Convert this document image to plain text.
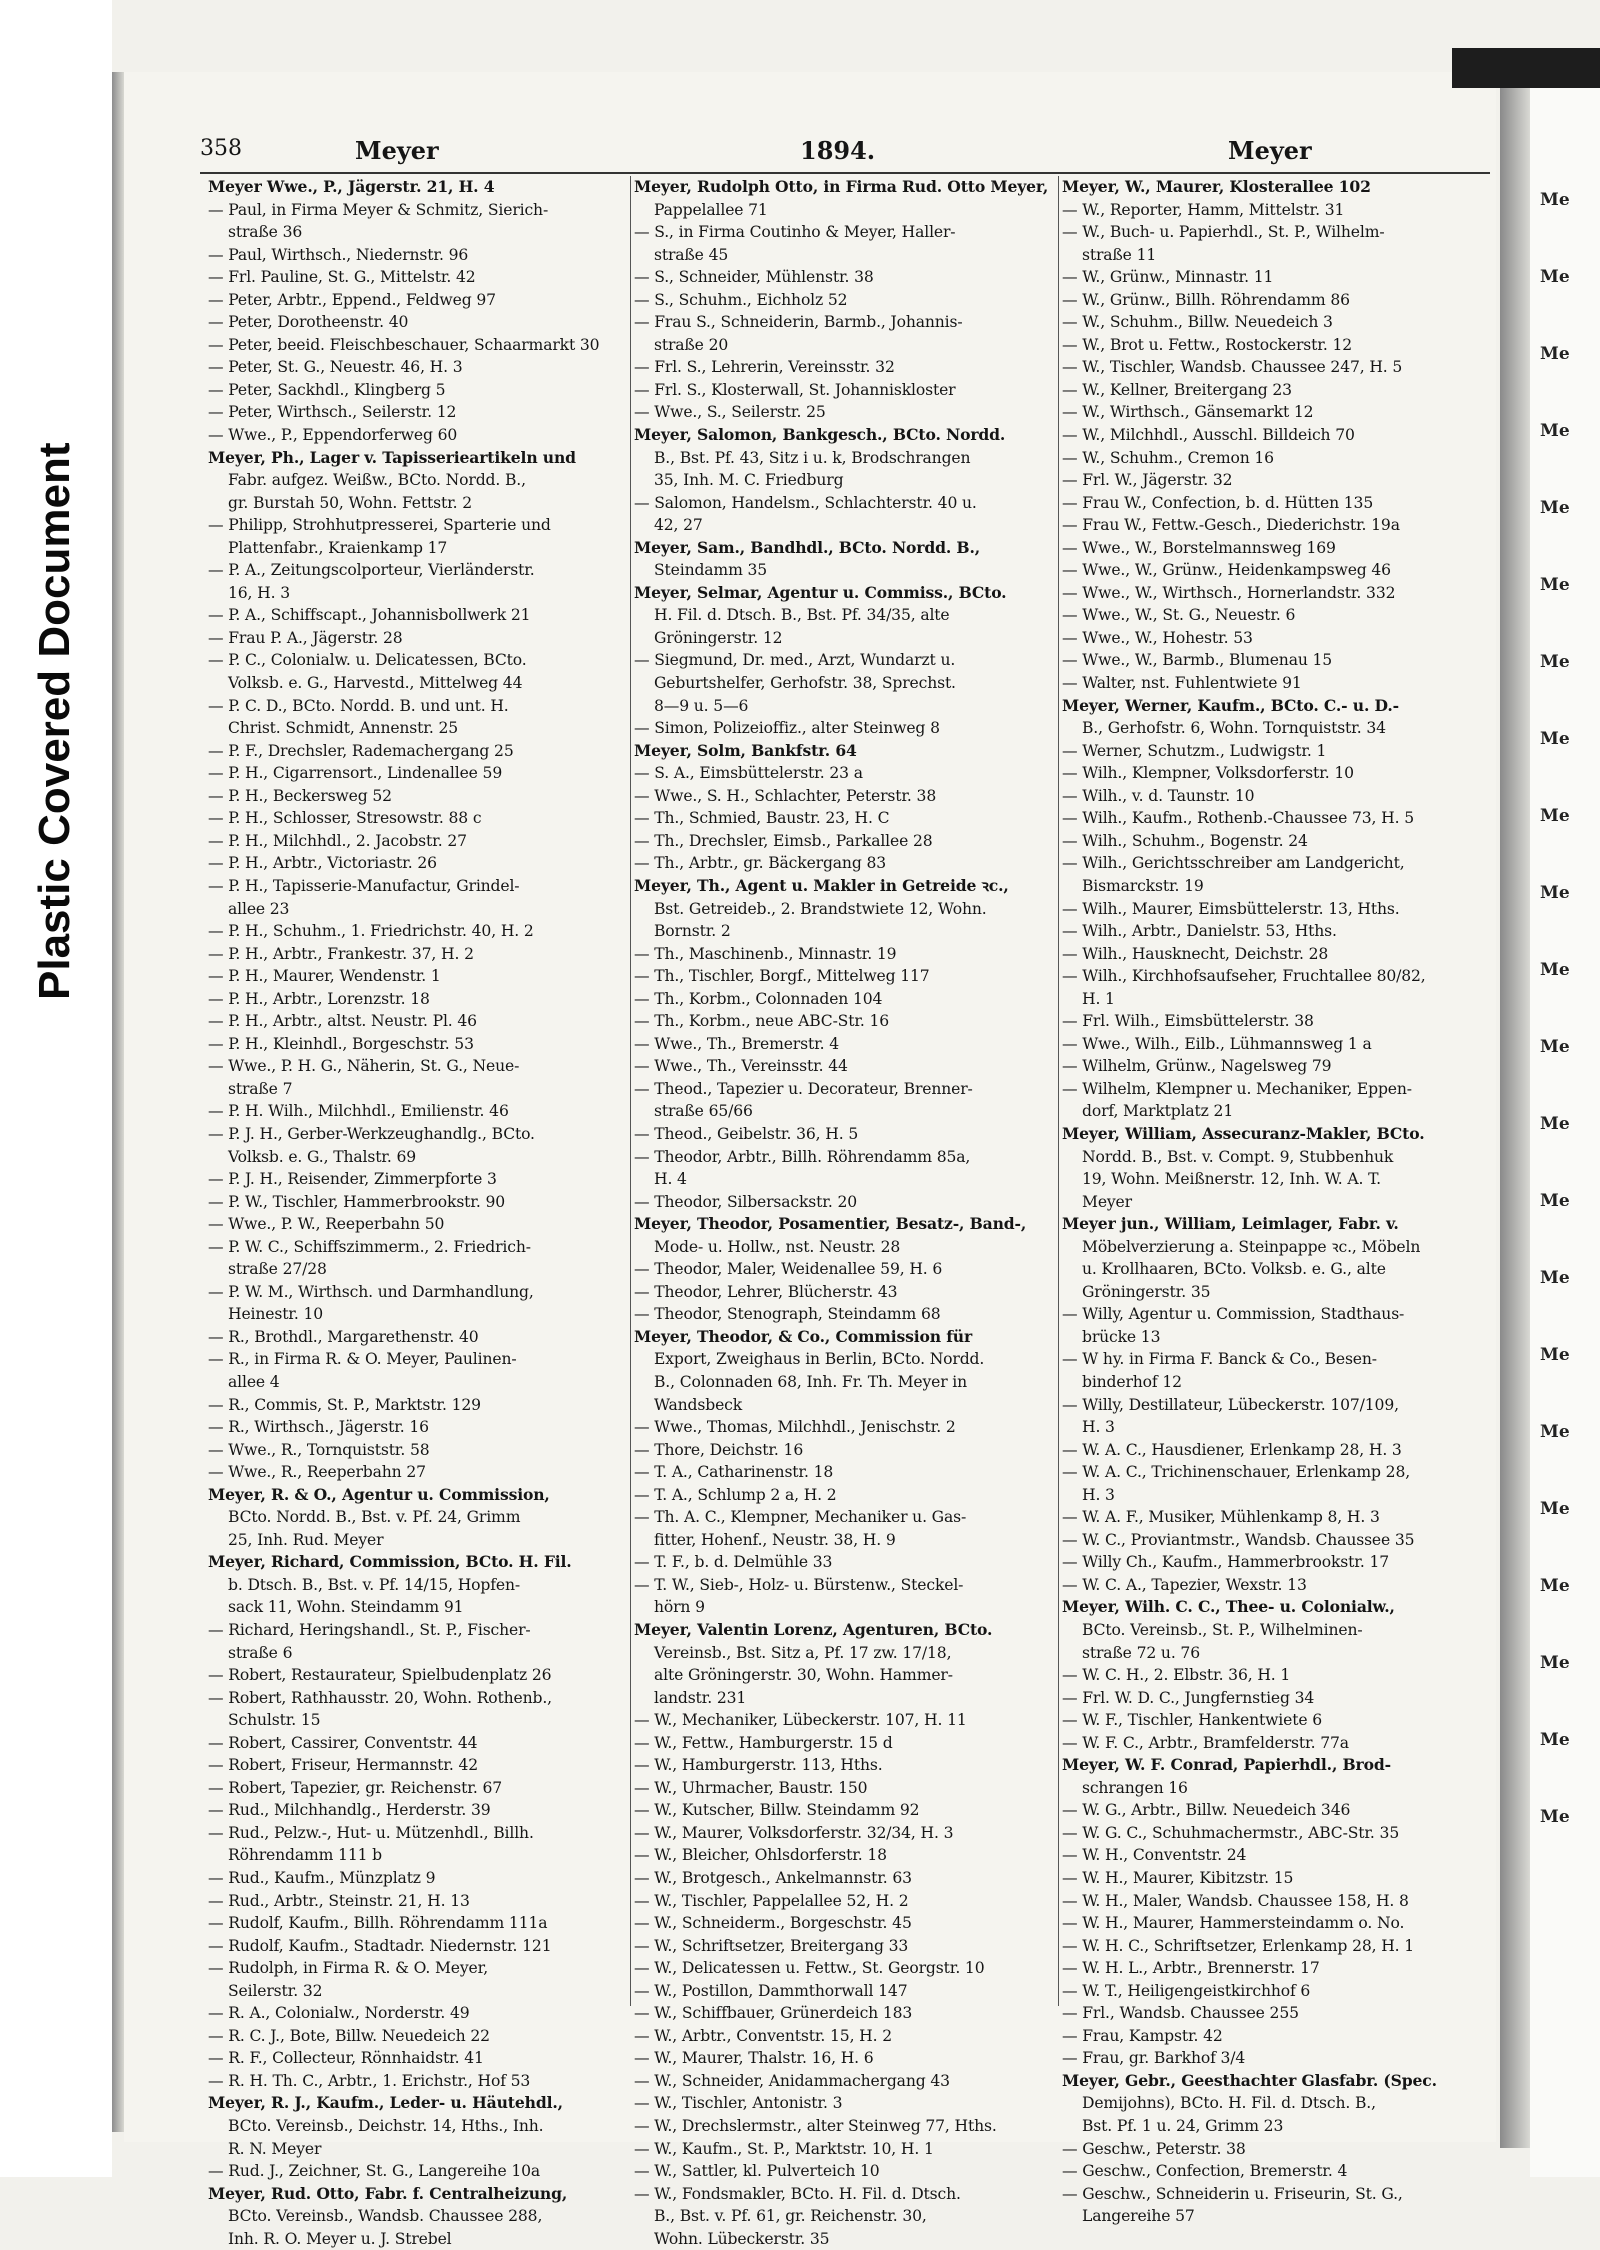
Plastic Covered Document
Me
Me
Me
Me
Me
Me
Me
Me
Me
Me
Me
Me
Me
Me
Me
Me
Me
Me
Me
Me
Me
Me
358	Meyer	1894.	Meyer
Meyer Wwe., P., Jägerstr. 21, H. 4
— Paul, in Firma Meyer & Schmitz, Sierich-
straße 36
— Paul, Wirthsch., Niedernstr. 96
— Frl. Pauline, St. G., Mittelstr. 42
— Peter, Arbtr., Eppend., Feldweg 97
— Peter, Dorotheenstr. 40
— Peter, beeid. Fleischbeschauer, Schaarmarkt 30
— Peter, St. G., Neuestr. 46, H. 3
— Peter, Sackhdl., Klingberg 5
— Peter, Wirthsch., Seilerstr. 12
— Wwe., P., Eppendorferweg 60
Meyer, Ph., Lager v. Tapisserieartikeln und
Fabr. aufgez. Weißw., BCto. Nordd. B.,
gr. Burstah 50, Wohn. Fettstr. 2
— Philipp, Strohhutpresserei, Sparterie und
Plattenfabr., Kraienkamp 17
— P. A., Zeitungscolporteur, Vierländerstr.
16, H. 3
— P. A., Schiffscapt., Johannisbollwerk 21
— Frau P. A., Jägerstr. 28
— P. C., Colonialw. u. Delicatessen, BCto.
Volksb. e. G., Harvestd., Mittelweg 44
— P. C. D., BCto. Nordd. B. und unt. H.
Christ. Schmidt, Annenstr. 25
— P. F., Drechsler, Rademachergang 25
— P. H., Cigarrensort., Lindenallee 59
— P. H., Beckersweg 52
— P. H., Schlosser, Stresowstr. 88 c
— P. H., Milchhdl., 2. Jacobstr. 27
— P. H., Arbtr., Victoriastr. 26
— P. H., Tapisserie-Manufactur, Grindel-
allee 23
— P. H., Schuhm., 1. Friedrichstr. 40, H. 2
— P. H., Arbtr., Frankestr. 37, H. 2
— P. H., Maurer, Wendenstr. 1
— P. H., Arbtr., Lorenzstr. 18
— P. H., Arbtr., altst. Neustr. Pl. 46
— P. H., Kleinhdl., Borgeschstr. 53
— Wwe., P. H. G., Näherin, St. G., Neue-
straße 7
— P. H. Wilh., Milchhdl., Emilienstr. 46
— P. J. H., Gerber-Werkzeughandlg., BCto.
Volksb. e. G., Thalstr. 69
— P. J. H., Reisender, Zimmerpforte 3
— P. W., Tischler, Hammerbrookstr. 90
— Wwe., P. W., Reeperbahn 50
— P. W. C., Schiffszimmerm., 2. Friedrich-
straße 27/28
— P. W. M., Wirthsch. und Darmhandlung,
Heinestr. 10
— R., Brothdl., Margarethenstr. 40
— R., in Firma R. & O. Meyer, Paulinen-
allee 4
— R., Commis, St. P., Marktstr. 129
— R., Wirthsch., Jägerstr. 16
— Wwe., R., Tornquiststr. 58
— Wwe., R., Reeperbahn 27
Meyer, R. & O., Agentur u. Commission,
BCto. Nordd. B., Bst. v. Pf. 24, Grimm
25, Inh. Rud. Meyer
Meyer, Richard, Commission, BCto. H. Fil.
b. Dtsch. B., Bst. v. Pf. 14/15, Hopfen-
sack 11, Wohn. Steindamm 91
— Richard, Heringshandl., St. P., Fischer-
straße 6
— Robert, Restaurateur, Spielbudenplatz 26
— Robert, Rathhausstr. 20, Wohn. Rothenb.,
Schulstr. 15
— Robert, Cassirer, Conventstr. 44
— Robert, Friseur, Hermannstr. 42
— Robert, Tapezier, gr. Reichenstr. 67
— Rud., Milchhandlg., Herderstr. 39
— Rud., Pelzw.-, Hut- u. Mützenhdl., Billh.
Röhrendamm 111 b
— Rud., Kaufm., Münzplatz 9
— Rud., Arbtr., Steinstr. 21, H. 13
— Rudolf, Kaufm., Billh. Röhrendamm 111a
— Rudolf, Kaufm., Stadtadr. Niedernstr. 121
— Rudolph, in Firma R. & O. Meyer,
Seilerstr. 32
— R. A., Colonialw., Norderstr. 49
— R. C. J., Bote, Billw. Neuedeich 22
— R. F., Collecteur, Rönnhaidstr. 41
— R. H. Th. C., Arbtr., 1. Erichstr., Hof 53
Meyer, R. J., Kaufm., Leder- u. Häutehdl.,
BCto. Vereinsb., Deichstr. 14, Hths., Inh.
R. N. Meyer
— Rud. J., Zeichner, St. G., Langereihe 10a
Meyer, Rud. Otto, Fabr. f. Centralheizung,
BCto. Vereinsb., Wandsb. Chaussee 288,
Inh. R. O. Meyer u. J. Strebel
Meyer, Rudolph Otto, in Firma Rud. Otto Meyer,
Pappelallee 71
— S., in Firma Coutinho & Meyer, Haller-
straße 45
— S., Schneider, Mühlenstr. 38
— S., Schuhm., Eichholz 52
— Frau S., Schneiderin, Barmb., Johannis-
straße 20
— Frl. S., Lehrerin, Vereinsstr. 32
— Frl. S., Klosterwall, St. Johanniskloster
— Wwe., S., Seilerstr. 25
Meyer, Salomon, Bankgesch., BCto. Nordd.
B., Bst. Pf. 43, Sitz i u. k, Brodschrangen
35, Inh. M. C. Friedburg
— Salomon, Handelsm., Schlachterstr. 40 u.
42, 27
Meyer, Sam., Bandhdl., BCto. Nordd. B.,
Steindamm 35
Meyer, Selmar, Agentur u. Commiss., BCto.
H. Fil. d. Dtsch. B., Bst. Pf. 34/35, alte
Gröningerstr. 12
— Siegmund, Dr. med., Arzt, Wundarzt u.
Geburtshelfer, Gerhofstr. 38, Sprechst.
8—9 u. 5—6
— Simon, Polizeioffiz., alter Steinweg 8
Meyer, Solm, Bankfstr. 64
— S. A., Eimsbüttelerstr. 23 a
— Wwe., S. H., Schlachter, Peterstr. 38
— Th., Schmied, Baustr. 23, H. C
— Th., Drechsler, Eimsb., Parkallee 28
— Th., Arbtr., gr. Bäckergang 83
Meyer, Th., Agent u. Makler in Getreide ꝛc.,
Bst. Getreideb., 2. Brandstwiete 12, Wohn.
Bornstr. 2
— Th., Maschinenb., Minnastr. 19
— Th., Tischler, Borgf., Mittelweg 117
— Th., Korbm., Colonnaden 104
— Th., Korbm., neue ABC-Str. 16
— Wwe., Th., Bremerstr. 4
— Wwe., Th., Vereinsstr. 44
— Theod., Tapezier u. Decorateur, Brenner-
straße 65/66
— Theod., Geibelstr. 36, H. 5
— Theodor, Arbtr., Billh. Röhrendamm 85a,
H. 4
— Theodor, Silbersackstr. 20
Meyer, Theodor, Posamentier, Besatz-, Band-,
Mode- u. Hollw., nst. Neustr. 28
— Theodor, Maler, Weidenallee 59, H. 6
— Theodor, Lehrer, Blücherstr. 43
— Theodor, Stenograph, Steindamm 68
Meyer, Theodor, & Co., Commission für
Export, Zweighaus in Berlin, BCto. Nordd.
B., Colonnaden 68, Inh. Fr. Th. Meyer in
Wandsbeck
— Wwe., Thomas, Milchhdl., Jenischstr. 2
— Thore, Deichstr. 16
— T. A., Catharinenstr. 18
— T. A., Schlump 2 a, H. 2
— Th. A. C., Klempner, Mechaniker u. Gas-
fitter, Hohenf., Neustr. 38, H. 9
— T. F., b. d. Delmühle 33
— T. W., Sieb-, Holz- u. Bürstenw., Steckel-
hörn 9
Meyer, Valentin Lorenz, Agenturen, BCto.
Vereinsb., Bst. Sitz a, Pf. 17 zw. 17/18,
alte Gröningerstr. 30, Wohn. Hammer-
landstr. 231
— W., Mechaniker, Lübeckerstr. 107, H. 11
— W., Fettw., Hamburgerstr. 15 d
— W., Hamburgerstr. 113, Hths.
— W., Uhrmacher, Baustr. 150
— W., Kutscher, Billw. Steindamm 92
— W., Maurer, Volksdorferstr. 32/34, H. 3
— W., Bleicher, Ohlsdorferstr. 18
— W., Brotgesch., Ankelmannstr. 63
— W., Tischler, Pappelallee 52, H. 2
— W., Schneiderm., Borgeschstr. 45
— W., Schriftsetzer, Breitergang 33
— W., Delicatessen u. Fettw., St. Georgstr. 10
— W., Postillon, Dammthorwall 147
— W., Schiffbauer, Grünerdeich 183
— W., Arbtr., Conventstr. 15, H. 2
— W., Maurer, Thalstr. 16, H. 6
— W., Schneider, Anidammachergang 43
— W., Tischler, Antonistr. 3
— W., Drechslermstr., alter Steinweg 77, Hths.
— W., Kaufm., St. P., Marktstr. 10, H. 1
— W., Sattler, kl. Pulverteich 10
— W., Fondsmakler, BCto. H. Fil. d. Dtsch.
B., Bst. v. Pf. 61, gr. Reichenstr. 30,
Wohn. Lübeckerstr. 35
Meyer, W., Maurer, Klosterallee 102
— W., Reporter, Hamm, Mittelstr. 31
— W., Buch- u. Papierhdl., St. P., Wilhelm-
straße 11
— W., Grünw., Minnastr. 11
— W., Grünw., Billh. Röhrendamm 86
— W., Schuhm., Billw. Neuedeich 3
— W., Brot u. Fettw., Rostockerstr. 12
— W., Tischler, Wandsb. Chaussee 247, H. 5
— W., Kellner, Breitergang 23
— W., Wirthsch., Gänsemarkt 12
— W., Milchhdl., Ausschl. Billdeich 70
— W., Schuhm., Cremon 16
— Frl. W., Jägerstr. 32
— Frau W., Confection, b. d. Hütten 135
— Frau W., Fettw.-Gesch., Diederichstr. 19a
— Wwe., W., Borstelmannsweg 169
— Wwe., W., Grünw., Heidenkampsweg 46
— Wwe., W., Wirthsch., Hornerlandstr. 332
— Wwe., W., St. G., Neuestr. 6
— Wwe., W., Hohestr. 53
— Wwe., W., Barmb., Blumenau 15
— Walter, nst. Fuhlentwiete 91
Meyer, Werner, Kaufm., BCto. C.- u. D.-
B., Gerhofstr. 6, Wohn. Tornquiststr. 34
— Werner, Schutzm., Ludwigstr. 1
— Wilh., Klempner, Volksdorferstr. 10
— Wilh., v. d. Taunstr. 10
— Wilh., Kaufm., Rothenb.-Chaussee 73, H. 5
— Wilh., Schuhm., Bogenstr. 24
— Wilh., Gerichtsschreiber am Landgericht,
Bismarckstr. 19
— Wilh., Maurer, Eimsbüttelerstr. 13, Hths.
— Wilh., Arbtr., Danielstr. 53, Hths.
— Wilh., Hausknecht, Deichstr. 28
— Wilh., Kirchhofsaufseher, Fruchtallee 80/82,
H. 1
— Frl. Wilh., Eimsbüttelerstr. 38
— Wwe., Wilh., Eilb., Lühmannsweg 1 a
— Wilhelm, Grünw., Nagelsweg 79
— Wilhelm, Klempner u. Mechaniker, Eppen-
dorf, Marktplatz 21
Meyer, William, Assecuranz-Makler, BCto.
Nordd. B., Bst. v. Compt. 9, Stubbenhuk
19, Wohn. Meißnerstr. 12, Inh. W. A. T.
Meyer
Meyer jun., William, Leimlager, Fabr. v.
Möbelverzierung a. Steinpappe ꝛc., Möbeln
u. Krollhaaren, BCto. Volksb. e. G., alte
Gröningerstr. 35
— Willy, Agentur u. Commission, Stadthaus-
brücke 13
— W hy. in Firma F. Banck & Co., Besen-
binderhof 12
— Willy, Destillateur, Lübeckerstr. 107/109,
H. 3
— W. A. C., Hausdiener, Erlenkamp 28, H. 3
— W. A. C., Trichinenschauer, Erlenkamp 28,
H. 3
— W. A. F., Musiker, Mühlenkamp 8, H. 3
— W. C., Proviantmstr., Wandsb. Chaussee 35
— Willy Ch., Kaufm., Hammerbrookstr. 17
— W. C. A., Tapezier, Wexstr. 13
Meyer, Wilh. C. C., Thee- u. Colonialw.,
BCto. Vereinsb., St. P., Wilhelminen-
straße 72 u. 76
— W. C. H., 2. Elbstr. 36, H. 1
— Frl. W. D. C., Jungfernstieg 34
— W. F., Tischler, Hankentwiete 6
— W. F. C., Arbtr., Bramfelderstr. 77a
Meyer, W. F. Conrad, Papierhdl., Brod-
schrangen 16
— W. G., Arbtr., Billw. Neuedeich 346
— W. G. C., Schuhmachermstr., ABC-Str. 35
— W. H., Conventstr. 24
— W. H., Maurer, Kibitzstr. 15
— W. H., Maler, Wandsb. Chaussee 158, H. 8
— W. H., Maurer, Hammersteindamm o. No.
— W. H. C., Schriftsetzer, Erlenkamp 28, H. 1
— W. H. L., Arbtr., Brennerstr. 17
— W. T., Heiligengeistkirchhof 6
— Frl., Wandsb. Chaussee 255
— Frau, Kampstr. 42
— Frau, gr. Barkhof 3/4
Meyer, Gebr., Geesthachter Glasfabr. (Spec.
Demijohns), BCto. H. Fil. d. Dtsch. B.,
Bst. Pf. 1 u. 24, Grimm 23
— Geschw., Peterstr. 38
— Geschw., Confection, Bremerstr. 4
— Geschw., Schneiderin u. Friseurin, St. G.,
Langereihe 57
